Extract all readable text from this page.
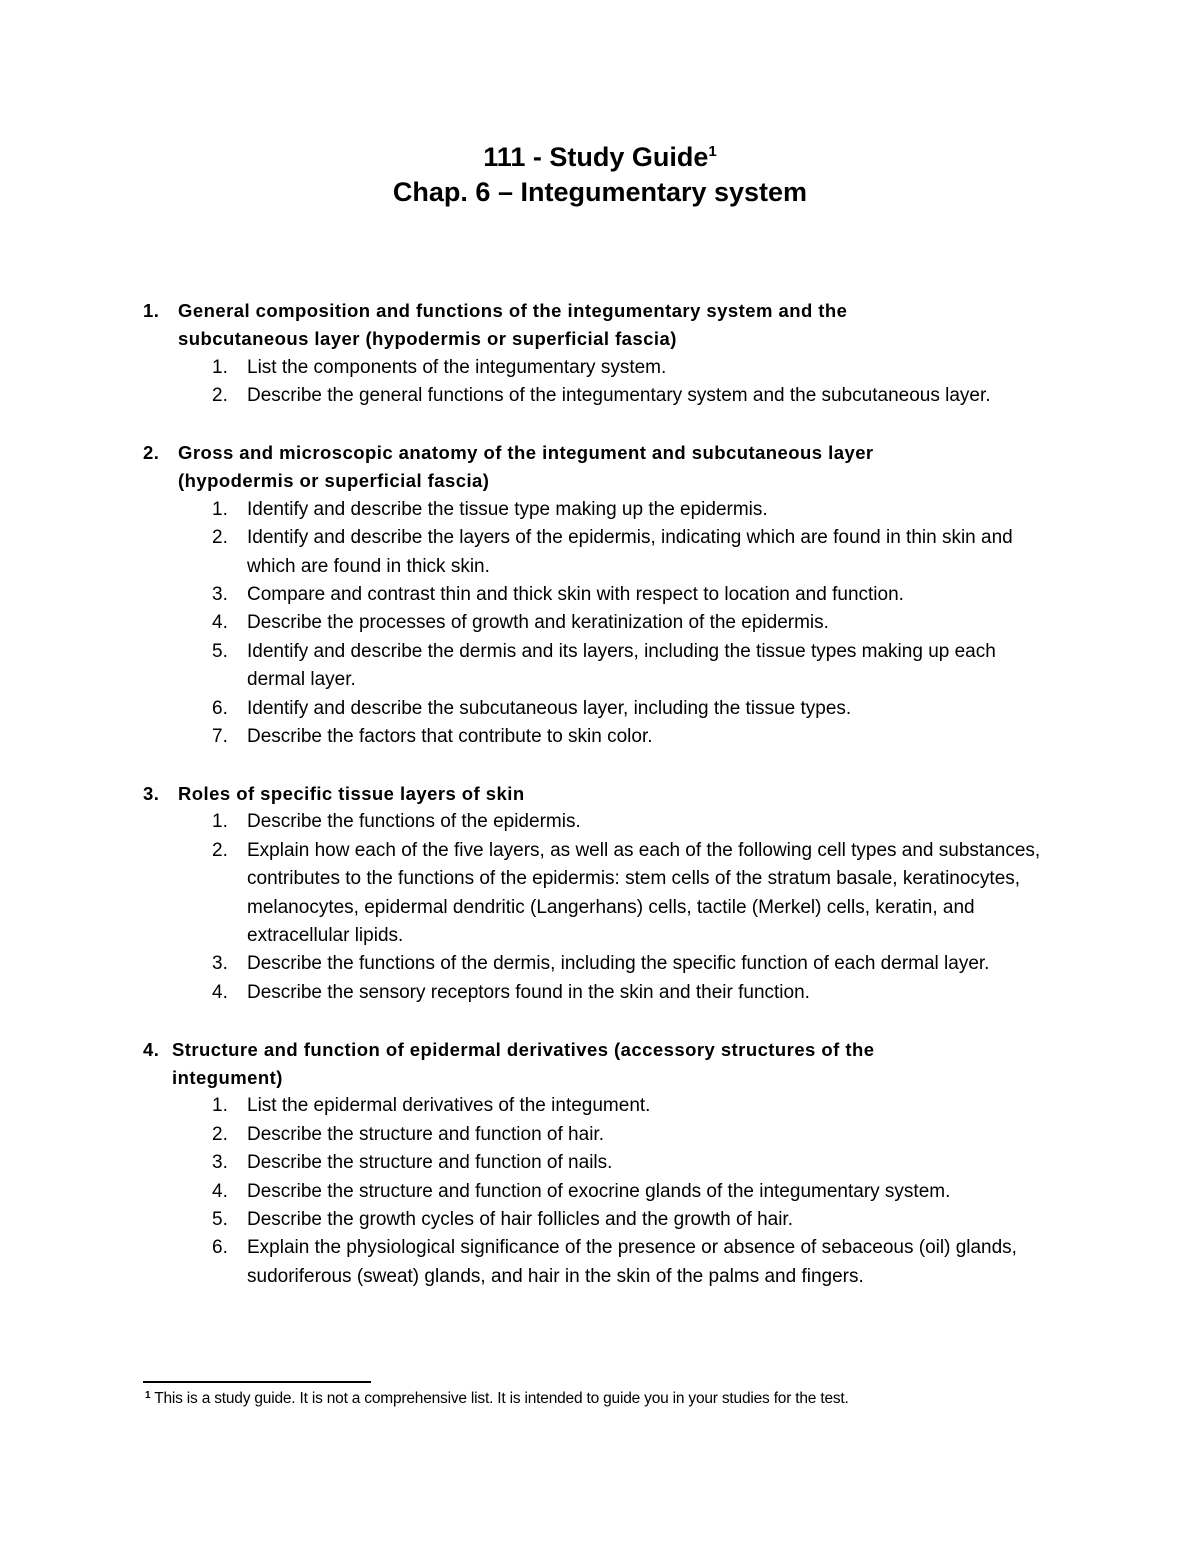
111 - Study Guide$^1$
Chap. 6 – Integumentary system
1. General composition and functions of the integumentary system and the subcutaneous layer (hypodermis or superficial fascia)
1. List the components of the integumentary system.
2. Describe the general functions of the integumentary system and the subcutaneous layer.
2. Gross and microscopic anatomy of the integument and subcutaneous layer (hypodermis or superficial fascia)
1. Identify and describe the tissue type making up the epidermis.
2. Identify and describe the layers of the epidermis, indicating which are found in thin skin and which are found in thick skin.
3. Compare and contrast thin and thick skin with respect to location and function.
4. Describe the processes of growth and keratinization of the epidermis.
5. Identify and describe the dermis and its layers, including the tissue types making up each dermal layer.
6. Identify and describe the subcutaneous layer, including the tissue types.
7. Describe the factors that contribute to skin color.
3. Roles of specific tissue layers of skin
1. Describe the functions of the epidermis.
2. Explain how each of the five layers, as well as each of the following cell types and substances, contributes to the functions of the epidermis: stem cells of the stratum basale, keratinocytes, melanocytes, epidermal dendritic (Langerhans) cells, tactile (Merkel) cells, keratin, and extracellular lipids.
3. Describe the functions of the dermis, including the specific function of each dermal layer.
4. Describe the sensory receptors found in the skin and their function.
4. Structure and function of epidermal derivatives (accessory structures of the integument)
1. List the epidermal derivatives of the integument.
2. Describe the structure and function of hair.
3. Describe the structure and function of nails.
4. Describe the structure and function of exocrine glands of the integumentary system.
5. Describe the growth cycles of hair follicles and the growth of hair.
6. Explain the physiological significance of the presence or absence of sebaceous (oil) glands, sudoriferous (sweat) glands, and hair in the skin of the palms and fingers.
$^1$ This is a study guide. It is not a comprehensive list. It is intended to guide you in your studies for the test.
